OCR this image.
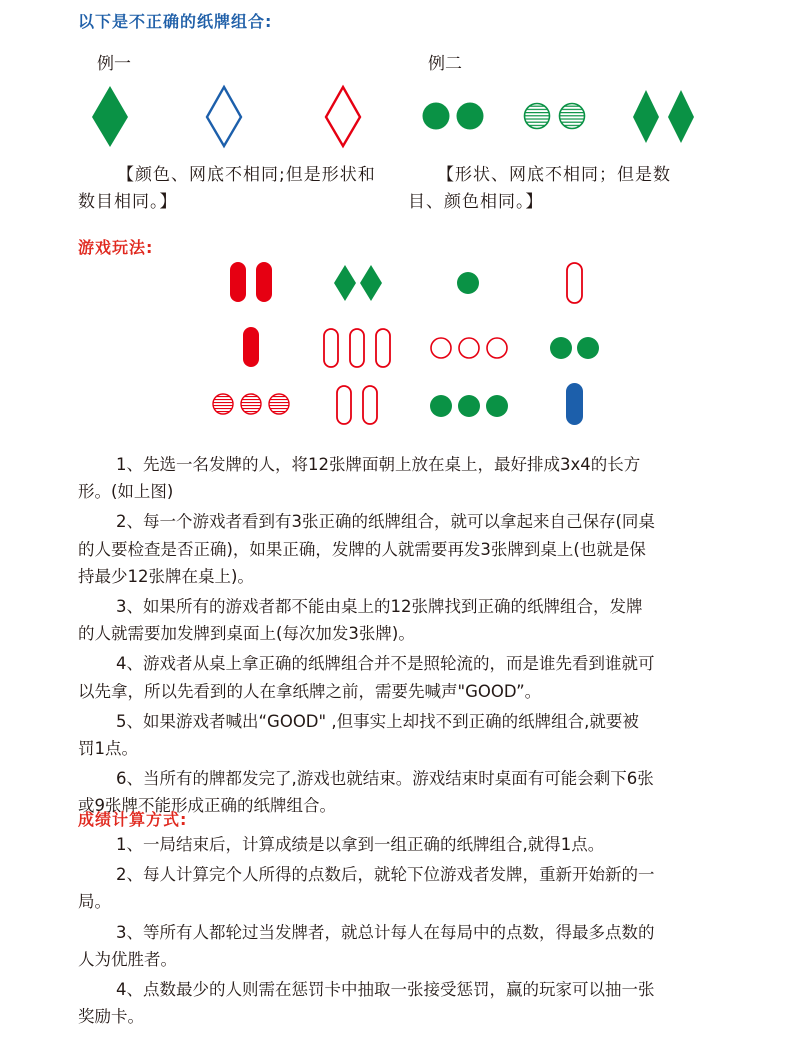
以下是不正确的纸牌组合:
例一	例二
【颜色、网底不相同;但是形状和
数目相同。】
【形状、网底不相同；但是数
目、颜色相同。】
游戏玩法:

1、先选一名发牌的人，将12张牌面朝上放在桌上，最好排成3x4的长方
形。(如上图)

2、每一个游戏者看到有3张正确的纸牌组合，就可以拿起来自己保存(同桌
的人要检查是否正确)，如果正确，发牌的人就需要再发3张牌到桌上(也就是保
持最少12张牌在桌上)。

3、如果所有的游戏者都不能由桌上的12张牌找到正确的纸牌组合，发牌
的人就需要加发牌到桌面上(每次加发3张牌)。

4、游戏者从桌上拿正确的纸牌组合并不是照轮流的，而是谁先看到谁就可
以先拿，所以先看到的人在拿纸牌之前，需要先喊声"GOOD”。

5、如果游戏者喊出“GOOD" ,但事实上却找不到正确的纸牌组合,就要被
罚1点。

6、当所有的牌都发完了,游戏也就结束。游戏结束时桌面有可能会剩下6张
或9张牌不能形成正确的纸牌组合。

成绩计算方式:

1、一局结束后，计算成绩是以拿到一组正确的纸牌组合,就得1点。

2、每人计算完个人所得的点数后，就轮下位游戏者发牌，重新开始新的一
局。

3、等所有人都轮过当发牌者，就总计每人在每局中的点数，得最多点数的
人为优胜者。

4、点数最少的人则需在惩罚卡中抽取一张接受惩罚，赢的玩家可以抽一张
奖励卡。
